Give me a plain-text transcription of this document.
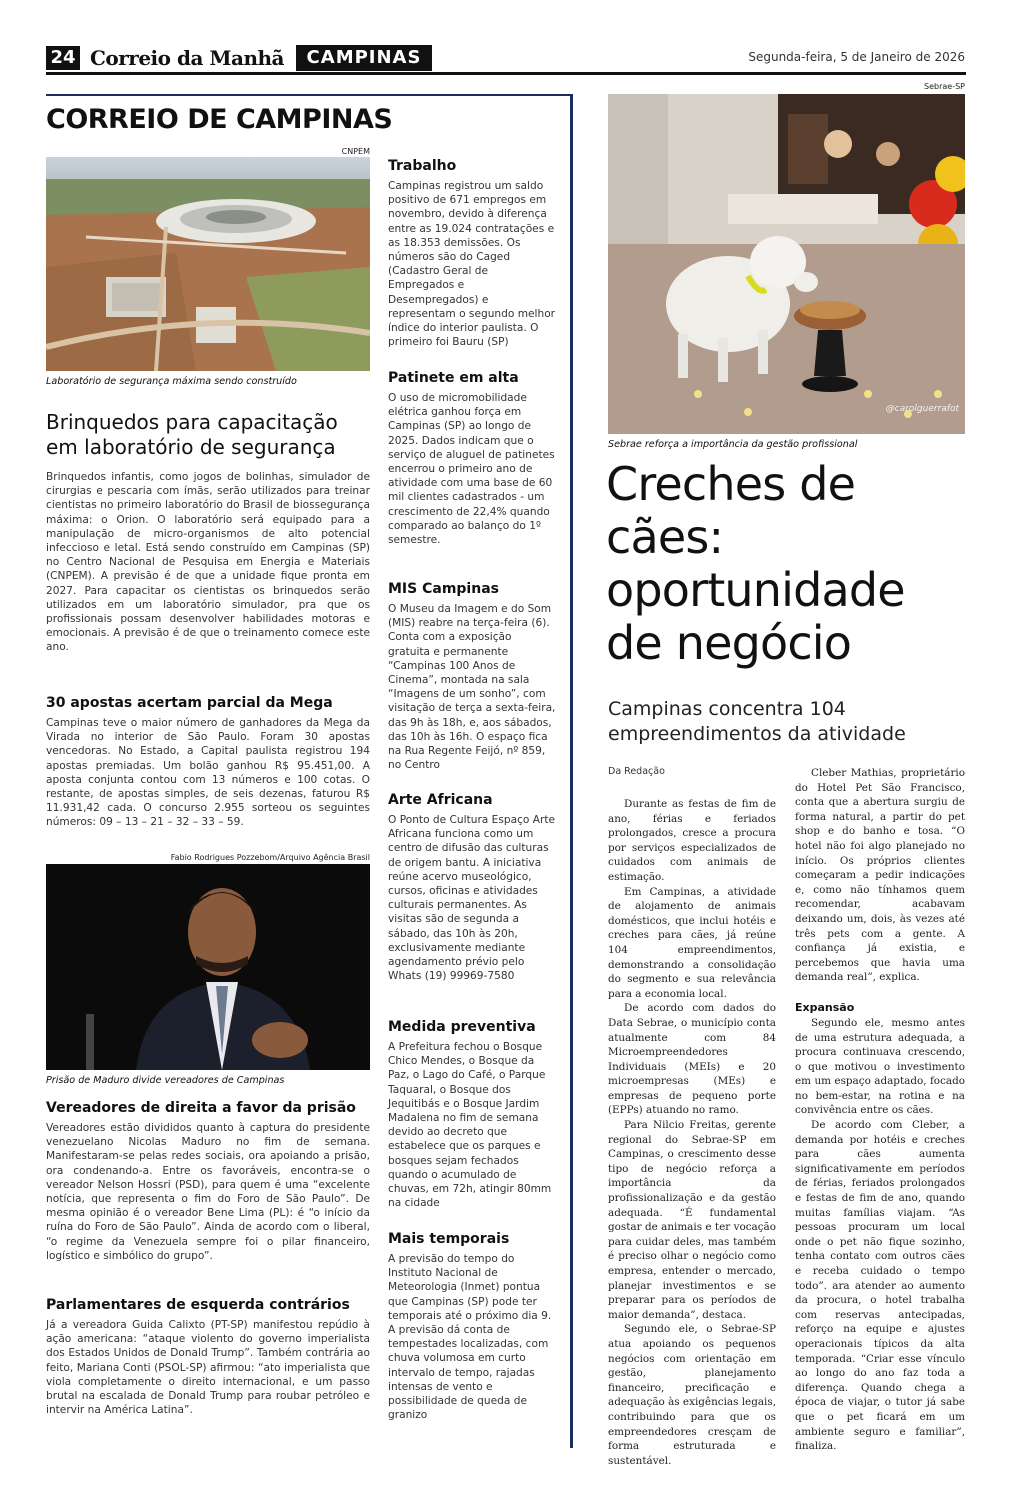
24 Correio da Manhã	CAMPINAS	Segunda-feira, 5 de Janeiro de 2026
CORREIO DE CAMPINAS
CNPEM
Laboratório de segurança máxima sendo construído
Brinquedos para capacitação em laboratório de segurança

Brinquedos infantis, como jogos de bolinhas, simulador de cirurgias e pescaria com ímãs, serão utilizados para treinar cientistas no primeiro laboratório do Brasil de biossegurança máxima: o Orion. O laboratório será equipado para a manipulação de micro-organismos de alto potencial infeccioso e letal. Está sendo construído em Campinas (SP) no Centro Nacional de Pesquisa em Energia e Materiais (CNPEM). A previsão é de que a unidade fique pronta em 2027. Para capacitar os cientistas os brinquedos serão utilizados em um laboratório simulador, pra que os profissionais possam desenvolver habilidades motoras e emocionais. A previsão é de que o treinamento comece este ano.

30 apostas acertam parcial da Mega

Campinas teve o maior número de ganhadores da Mega da Virada no interior de São Paulo. Foram 30 apostas vencedoras. No Estado, a Capital paulista registrou 194 apostas premiadas. Um bolão ganhou R$ 95.451,00. A aposta conjunta contou com 13 números e 100 cotas. O restante, de apostas simples, de seis dezenas, faturou R$ 11.931,42 cada. O concurso 2.955 sorteou os seguintes números: 09 – 13 – 21 – 32 – 33 – 59.

Fabio Rodrigues Pozzebom/Arquivo Agência Brasil
Prisão de Maduro divide vereadores de Campinas
Vereadores de direita a favor da prisão

Vereadores estão divididos quanto à captura do presidente venezuelano Nicolas Maduro no fim de semana. Manifestaram-se pelas redes sociais, ora apoiando a prisão, ora condenando-a. Entre os favoráveis, encontra-se o vereador Nelson Hossri (PSD), para quem é uma “excelente notícia, que representa o fim do Foro de São Paulo”. De mesma opinião é o vereador Bene Lima (PL): é “o início da ruína do Foro de São Paulo”. Ainda de acordo com o liberal, “o regime da Venezuela sempre foi o pilar financeiro, logístico e simbólico do grupo”.

Parlamentares de esquerda contrários

Já a vereadora Guida Calixto (PT-SP) manifestou repúdio à ação americana: “ataque violento do governo imperialista dos Estados Unidos de Donald Trump”. Também contrária ao feito, Mariana Conti (PSOL-SP) afirmou: “ato imperialista que viola completamente o direito internacional, e um passo brutal na escalada de Donald Trump para roubar petróleo e intervir na América Latina”.

Trabalho

Campinas registrou um saldo positivo de 671 empregos em novembro, devido à diferença entre as 19.024 contratações e as 18.353 demissões. Os números são do Caged (Cadastro Geral de Empregados e Desempregados) e representam o segundo melhor índice do interior paulista. O primeiro foi Bauru (SP)

Patinete em alta

O uso de micromobilidade elétrica ganhou força em Campinas (SP) ao longo de 2025. Dados indicam que o serviço de aluguel de patinetes encerrou o primeiro ano de atividade com uma base de 60 mil clientes cadastrados - um crescimento de 22,4% quando comparado ao balanço do 1º semestre.

MIS Campinas

O Museu da Imagem e do Som (MIS) reabre na terça-feira (6). Conta com a exposição gratuita e permanente “Campinas 100 Anos de Cinema”, montada na sala “Imagens de um sonho”, com visitação de terça a sexta-feira, das 9h às 18h, e, aos sábados, das 10h às 16h. O espaço fica na Rua Regente Feijó, nº 859, no Centro

Arte Africana

O Ponto de Cultura Espaço Arte Africana funciona como um centro de difusão das culturas de origem bantu. A iniciativa reúne acervo museológico, cursos, oficinas e atividades culturais permanentes. As visitas são de segunda a sábado, das 10h às 20h, exclusivamente mediante agendamento prévio pelo Whats (19) 99969-7580

Medida preventiva

A Prefeitura fechou o Bosque Chico Mendes, o Bosque da Paz, o Lago do Café, o Parque Taquaral, o Bosque dos Jequitibás e o Bosque Jardim Madalena no fim de semana devido ao decreto que estabelece que os parques e bosques sejam fechados quando o acumulado de chuvas, em 72h, atingir 80mm na cidade

Mais temporais

A previsão do tempo do Instituto Nacional de Meteorologia (Inmet) pontua que Campinas (SP) pode ter temporais até o próximo dia 9. A previsão dá conta de tempestades localizadas, com chuva volumosa em curto intervalo de tempo, rajadas intensas de vento e possibilidade de queda de granizo

Sebrae-SP
@carolguerrafot
Sebrae reforça a importância da gestão profissional
Creches de cães: oportunidade de negócio
Campinas concentra 104 empreendimentos da atividade
Da Redação

Durante as festas de fim de ano, férias e feriados prolongados, cresce a procura por serviços especializados de cuidados com animais de estimação.

Em Campinas, a atividade de alojamento de animais domésticos, que inclui hotéis e creches para cães, já reúne 104 empreendimentos, demonstrando a consolidação do segmento e sua relevância para a economia local.

De acordo com dados do Data Sebrae, o município conta atualmente com 84 Microempreendedores Individuais (MEIs) e 20 microempresas (MEs) e empresas de pequeno porte (EPPs) atuando no ramo.

Para Nilcio Freitas, gerente regional do Sebrae-SP em Campinas, o crescimento desse tipo de negócio reforça a importância da profissionalização e da gestão adequada. “É fundamental gostar de animais e ter vocação para cuidar deles, mas também é preciso olhar o negócio como empresa, entender o mercado, planejar investimentos e se preparar para os períodos de maior demanda”, destaca.

Segundo ele, o Sebrae-SP atua apoiando os pequenos negócios com orientação em gestão, planejamento financeiro, precificação e adequação às exigências legais, contribuindo para que os empreendedores cresçam de forma estruturada e sustentável.

Cleber Mathias, proprietário do Hotel Pet São Francisco, conta que a abertura surgiu de forma natural, a partir do pet shop e do banho e tosa. “O hotel não foi algo planejado no início. Os próprios clientes começaram a pedir indicações e, como não tínhamos quem recomendar, acabavam deixando um, dois, às vezes até três pets com a gente. A confiança já existia, e percebemos que havia uma demanda real”, explica.

Expansão

Segundo ele, mesmo antes de uma estrutura adequada, a procura continuava crescendo, o que motivou o investimento em um espaço adaptado, focado no bem-estar, na rotina e na convivência entre os cães.

De acordo com Cleber, a demanda por hotéis e creches para cães aumenta significativamente em períodos de férias, feriados prolongados e festas de fim de ano, quando muitas famílias viajam. “As pessoas procuram um local onde o pet não fique sozinho, tenha contato com outros cães e receba cuidado o tempo todo”. ara atender ao aumento da procura, o hotel trabalha com reservas antecipadas, reforço na equipe e ajustes operacionais típicos da alta temporada. “Criar esse vínculo ao longo do ano faz toda a diferença. Quando chega a época de viajar, o tutor já sabe que o pet ficará em um ambiente seguro e familiar”, finaliza.
